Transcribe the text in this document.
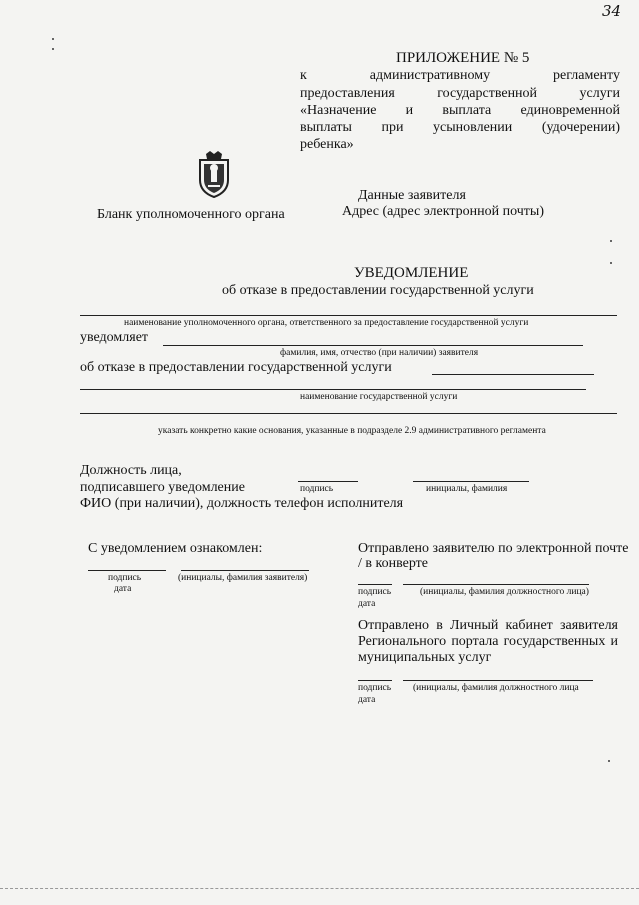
34
ПРИЛОЖЕНИЕ № 5
к административному регламенту
предоставления государственной услуги
«Назначение и выплата единовременной
выплаты при усыновлении (удочерении)
ребенка»
Данные заявителя
Бланк уполномоченного органа	Адрес (адрес электронной почты)
УВЕДОМЛЕНИЕ
об отказе в предоставлении государственной услуги
наименование уполномоченного органа, ответственного за предоставление государственной услуги
уведомляет
фамилия, имя, отчество (при наличии) заявителя
об отказе в предоставлении государственной услуги
наименование государственной услуги
указать конкретно какие основания, указанные в подразделе 2.9 административного регламента
Должность лица,
подписавшего уведомление	подпись	инициалы, фамилия
ФИО (при наличии), должность телефон исполнителя
С уведомлением ознакомлен:
подпись	(инициалы, фамилия заявителя)
дата
Отправлено заявителю по электронной почте
/ в конверте
подпись	(инициалы, фамилия должностного лица)
дата
Отправлено в Личный кабинет заявителя
Регионального портала государственных и
муниципальных услуг
подпись (инициалы, фамилия должностного лица
дата
